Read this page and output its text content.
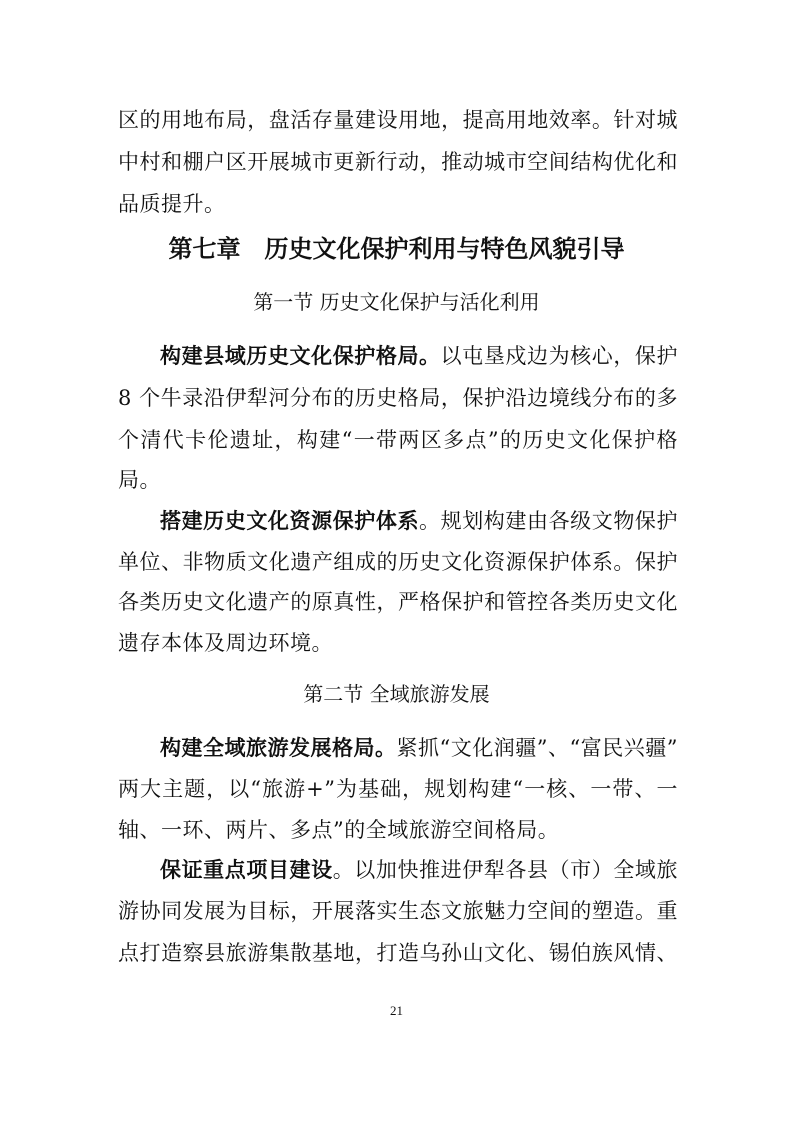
区的用地布局，盘活存量建设用地，提高用地效率。针对城
中村和棚户区开展城市更新行动，推动城市空间结构优化和
品质提升。
第七章　历史文化保护利用与特色风貌引导
第一节 历史文化保护与活化利用
构建县域历史文化保护格局。以屯垦戍边为核心，保护
8 个牛录沿伊犁河分布的历史格局，保护沿边境线分布的多
个清代卡伦遗址，构建“一带两区多点”的历史文化保护格
局。
搭建历史文化资源保护体系。规划构建由各级文物保护
单位、非物质文化遗产组成的历史文化资源保护体系。保护
各类历史文化遗产的原真性，严格保护和管控各类历史文化
遗存本体及周边环境。
第二节 全域旅游发展
构建全域旅游发展格局。紧抓“文化润疆”、“富民兴疆”
两大主题，以“旅游+”为基础，规划构建“一核、一带、一
轴、一环、两片、多点”的全域旅游空间格局。
保证重点项目建设。以加快推进伊犁各县（市）全域旅
游协同发展为目标，开展落实生态文旅魅力空间的塑造。重
点打造察县旅游集散基地，打造乌孙山文化、锡伯族风情、
21
